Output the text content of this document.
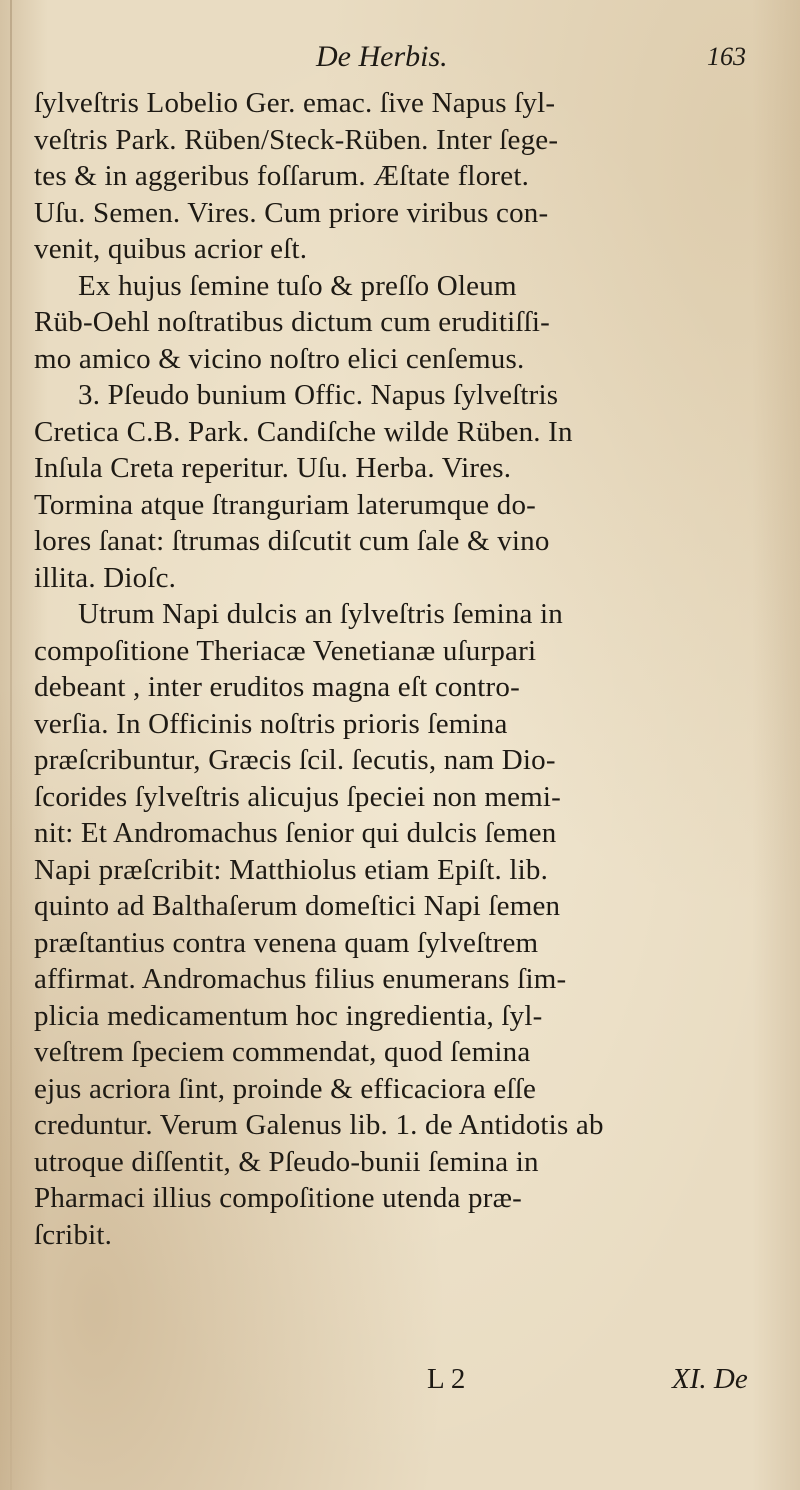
De Herbis.	163
ſylveſtris Lobelio Ger. emac. ſive Napus ſyl-
veſtris Park. Rüben/Steck-Rüben. Inter ſege-
tes & in aggeribus foſſarum. Æſtate floret.
Uſu. Semen. Vires. Cum priore viribus con-
venit, quibus acrior eſt.
Ex hujus ſemine tuſo & preſſo Oleum
Rüb-Oehl noſtratibus dictum cum eruditiſſi-
mo amico & vicino noſtro elici cenſemus.
3. Pſeudo bunium Offic. Napus ſylveſtris
Cretica C.B. Park. Candiſche wilde Rüben. In
Inſula Creta reperitur. Uſu. Herba. Vires.
Tormina atque ſtranguriam laterumque do-
lores ſanat: ſtrumas diſcutit cum ſale & vino
illita. Dioſc.
Utrum Napi dulcis an ſylveſtris ſemina in
compoſitione Theriacæ Venetianæ uſurpari
debeant , inter eruditos magna eſt contro-
verſia. In Officinis noſtris prioris ſemina
præſcribuntur, Græcis ſcil. ſecutis, nam Dio-
ſcorides ſylveſtris alicujus ſpeciei non memi-
nit: Et Andromachus ſenior qui dulcis ſemen
Napi præſcribit: Matthiolus etiam Epiſt. lib.
quinto ad Balthaſerum domeſtici Napi ſemen
præſtantius contra venena quam ſylveſtrem
affirmat. Andromachus filius enumerans ſim-
plicia medicamentum hoc ingredientia, ſyl-
veſtrem ſpeciem commendat, quod ſemina
ejus acriora ſint, proinde & efficaciora eſſe
creduntur. Verum Galenus lib. 1. de Antidotis ab
utroque diſſentit, & Pſeudo-bunii ſemina in
Pharmaci illius compoſitione utenda præ-
ſcribit.
L 2	XI. De
